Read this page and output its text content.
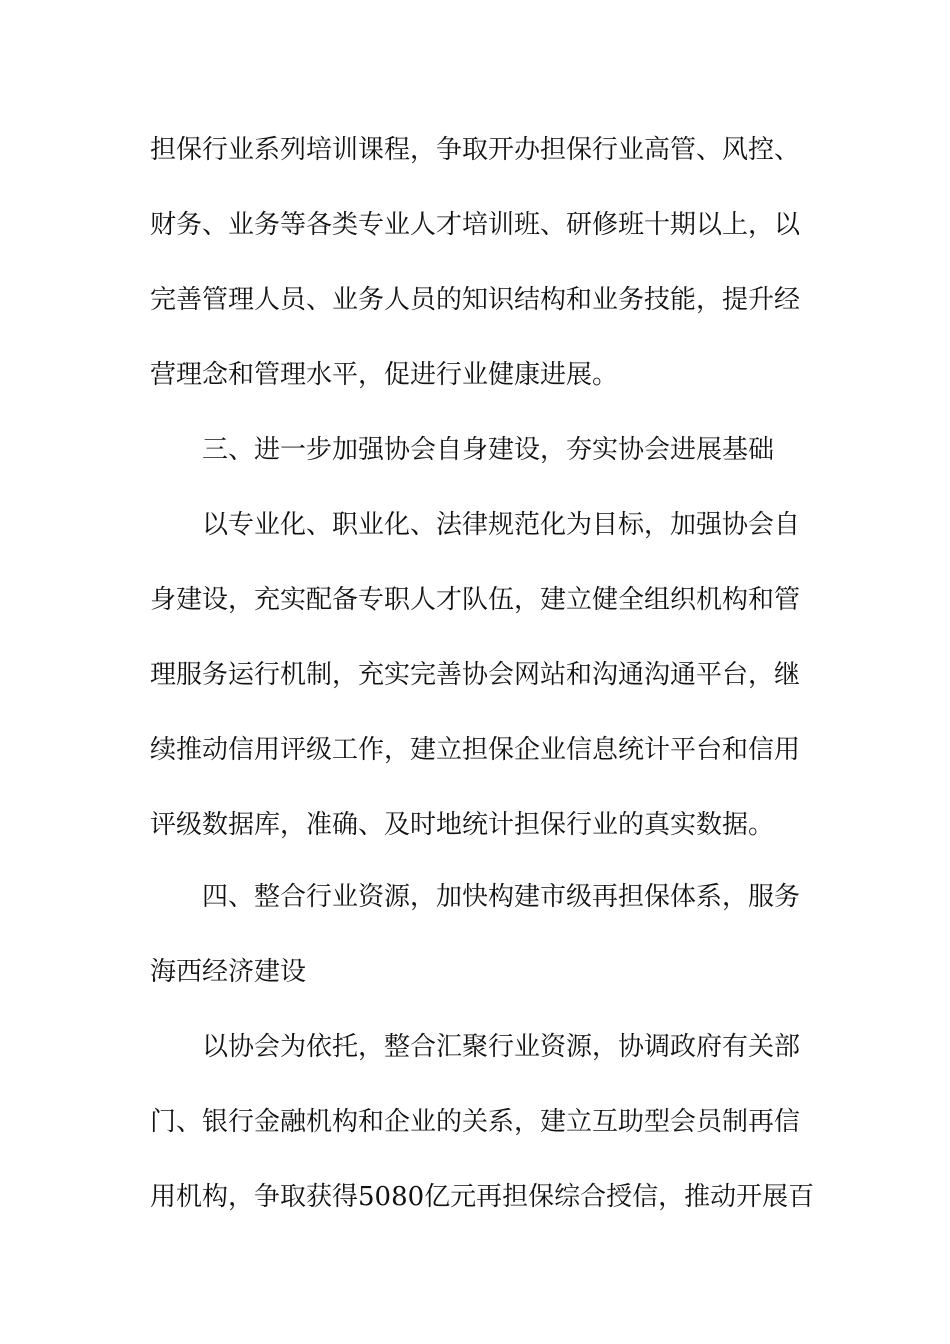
担保行业系列培训课程，争取开办担保行业高管、风控、
财务、业务等各类专业人才培训班、研修班十期以上，以
完善管理人员、业务人员的知识结构和业务技能，提升经
营理念和管理水平，促进行业健康进展。
三、进一步加强协会自身建设，夯实协会进展基础
以专业化、职业化、法律规范化为目标，加强协会自
身建设，充实配备专职人才队伍，建立健全组织机构和管
理服务运行机制，充实完善协会网站和沟通沟通平台，继
续推动信用评级工作，建立担保企业信息统计平台和信用
评级数据库，准确、及时地统计担保行业的真实数据。
四、整合行业资源，加快构建市级再担保体系，服务
海西经济建设
以协会为依托，整合汇聚行业资源，协调政府有关部
门、银行金融机构和企业的关系，建立互助型会员制再信
用机构，争取获得5080亿元再担保综合授信，推动开展百
